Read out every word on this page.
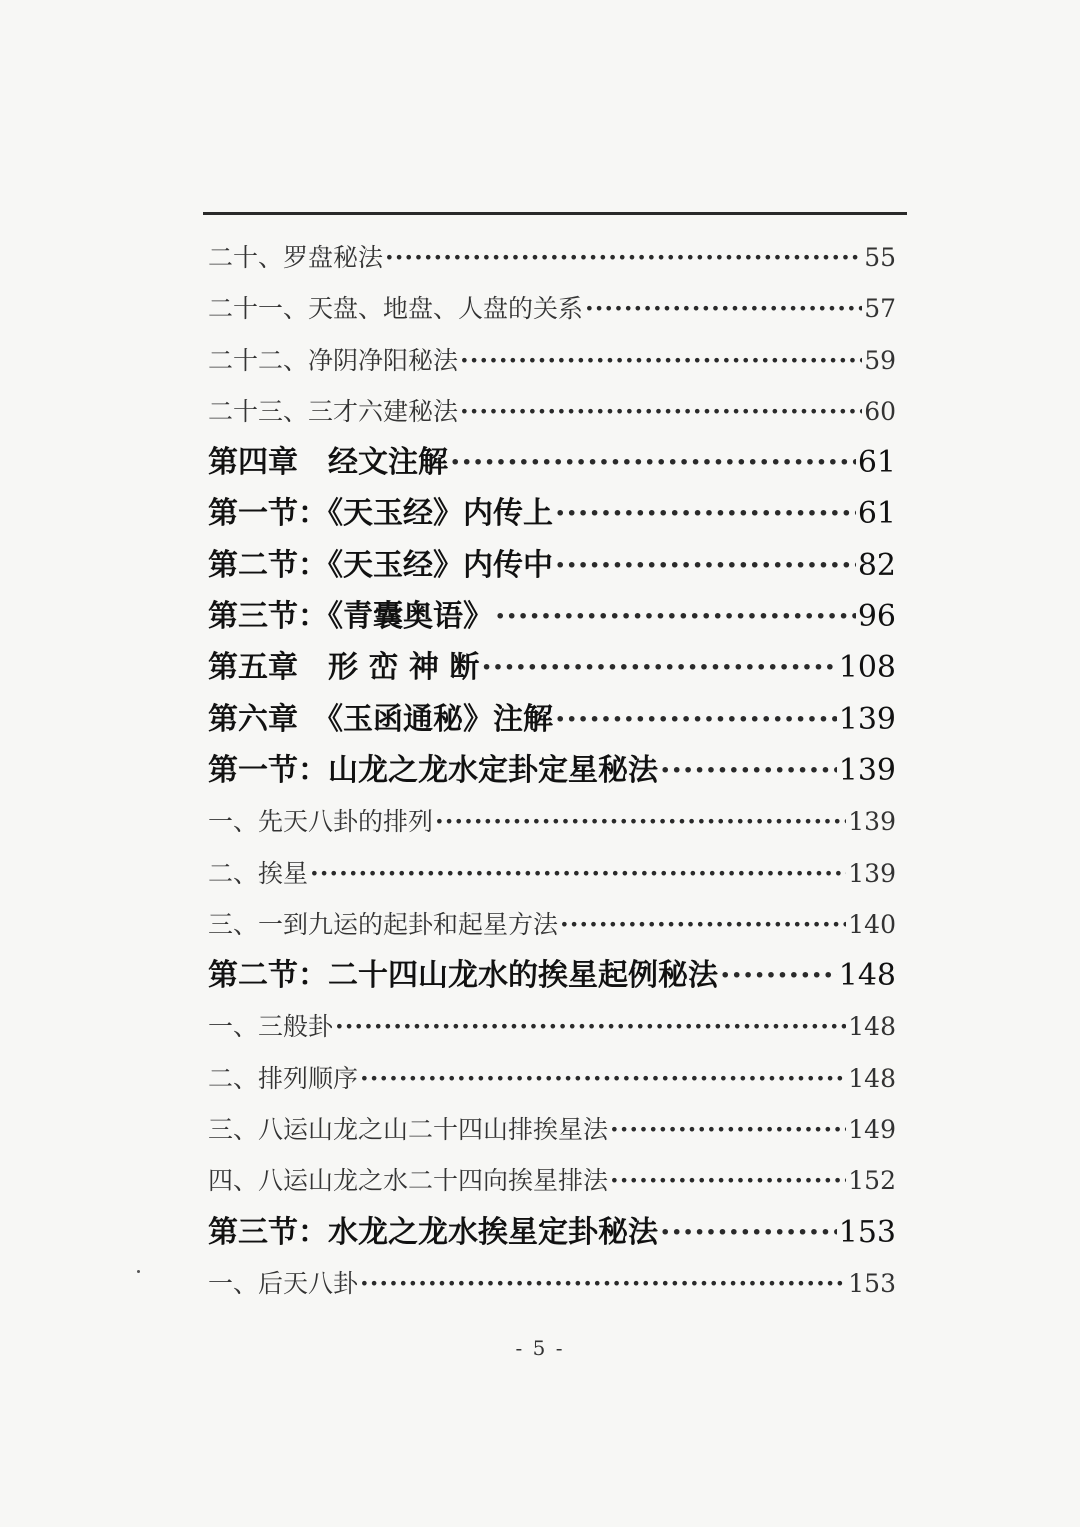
二十、罗盘秘法 ·····	55
二十一、天盘、地盘、人盘的关系 ·····	57
二十二、净阴净阳秘法 ·····	59
二十三、三才六建秘法 ·····	60
第四章　经文注解 ·····	61
第一节：《天玉经》内传上 ·····	61
第二节：《天玉经》内传中 ·····	82
第三节：《青囊奥语》 ·····	96
第五章　形 峦 神 断 ·····	108
第六章　《玉函通秘》注解 ·····	139
第一节：山龙之龙水定卦定星秘法 ·····	139
一、先天八卦的排列 ·····	139
二、挨星 ·····	139
三、一到九运的起卦和起星方法 ·····	140
第二节：二十四山龙水的挨星起例秘法 ·····	148
一、三般卦 ·····	148
二、排列顺序 ·····	148
三、八运山龙之山二十四山排挨星法 ·····	149
四、八运山龙之水二十四向挨星排法 ·····	152
第三节：水龙之龙水挨星定卦秘法 ·····	153
一、后天八卦 ·····	153
- 5 -
